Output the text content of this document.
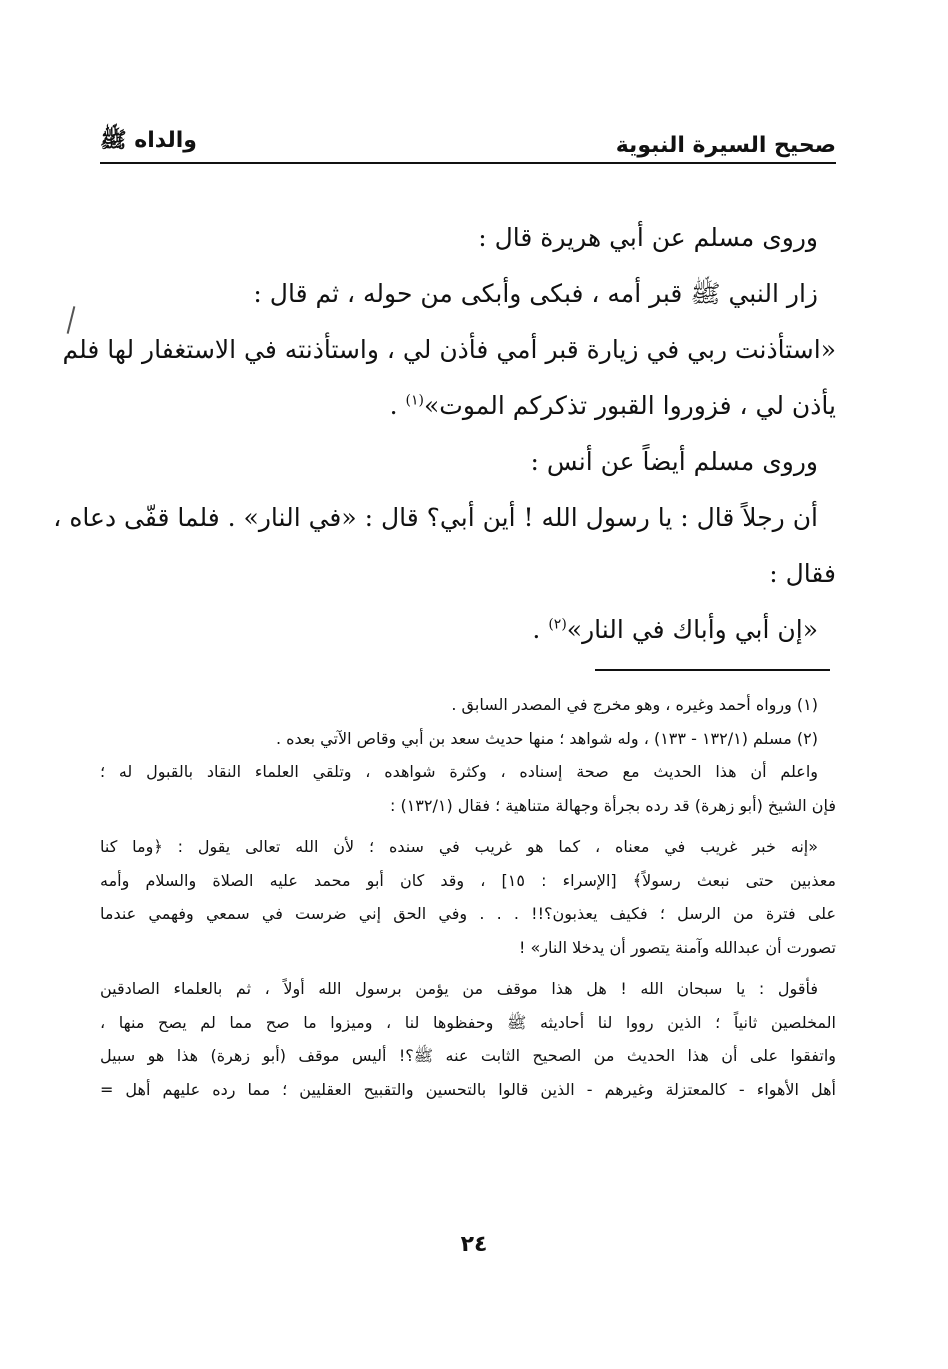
صحيح السيرة النبوية
والداه ﷺ
وروى مسلم عن أبي هريرة قال :
زار النبي ﷺ قبر أمه ، فبكى وأبكى من حوله ، ثم قال :
«استأذنت ربي في زيارة قبر أمي فأذن لي ، واستأذنته في الاستغفار لها فلم
يأذن لي ، فزوروا القبور تذكركم الموت»$^{(١)}$ .
وروى مسلم أيضاً عن أنس :
أن رجلاً قال : يا رسول الله ! أين أبي؟ قال : «في النار» . فلما قفّى دعاه ،
فقال :
«إن أبي وأباك في النار»$^{(٢)}$ .
(١) ورواه أحمد وغيره ، وهو مخرج في المصدر السابق .
(٢) مسلم (١٣٢/١ - ١٣٣) ، وله شواهد ؛ منها حديث سعد بن أبي وقاص الآتي بعده .
واعلم أن هذا الحديث مع صحة إسناده ، وكثرة شواهده ، وتلقي العلماء النقاد بالقبول له ؛
فإن الشيخ (أبو زهرة) قد رده بجرأة وجهالة متناهية ؛ فقال (١٣٢/١) :
«إنه خبر غريب في معناه ، كما هو غريب في سنده ؛ لأن الله تعالى يقول : ﴿وما كنا
معذبين حتى نبعث رسولاً﴾ [الإسراء : ١٥] ، وقد كان أبو محمد عليه الصلاة والسلام وأمه
على فترة من الرسل ؛ فكيف يعذبون؟!! . . . وفي الحق إني ضرست في سمعي وفهمي عندما
تصورت أن عبدالله وآمنة يتصور أن يدخلا النار» !
فأقول : يا سبحان الله ! هل هذا موقف من يؤمن برسول الله أولاً ، ثم بالعلماء الصادقين
المخلصين ثانياً ؛ الذين رووا لنا أحاديثه ﷺ وحفظوها لنا ، وميزوا ما صح مما لم يصح منها ،
واتفقوا على أن هذا الحديث من الصحيح الثابت عنه ﷺ؟! أليس موقف (أبو زهرة) هذا هو سبيل
أهل الأهواء - كالمعتزلة وغيرهم - الذين قالوا بالتحسين والتقبيح العقليين ؛ مما رده عليهم أهل =
٢٤
